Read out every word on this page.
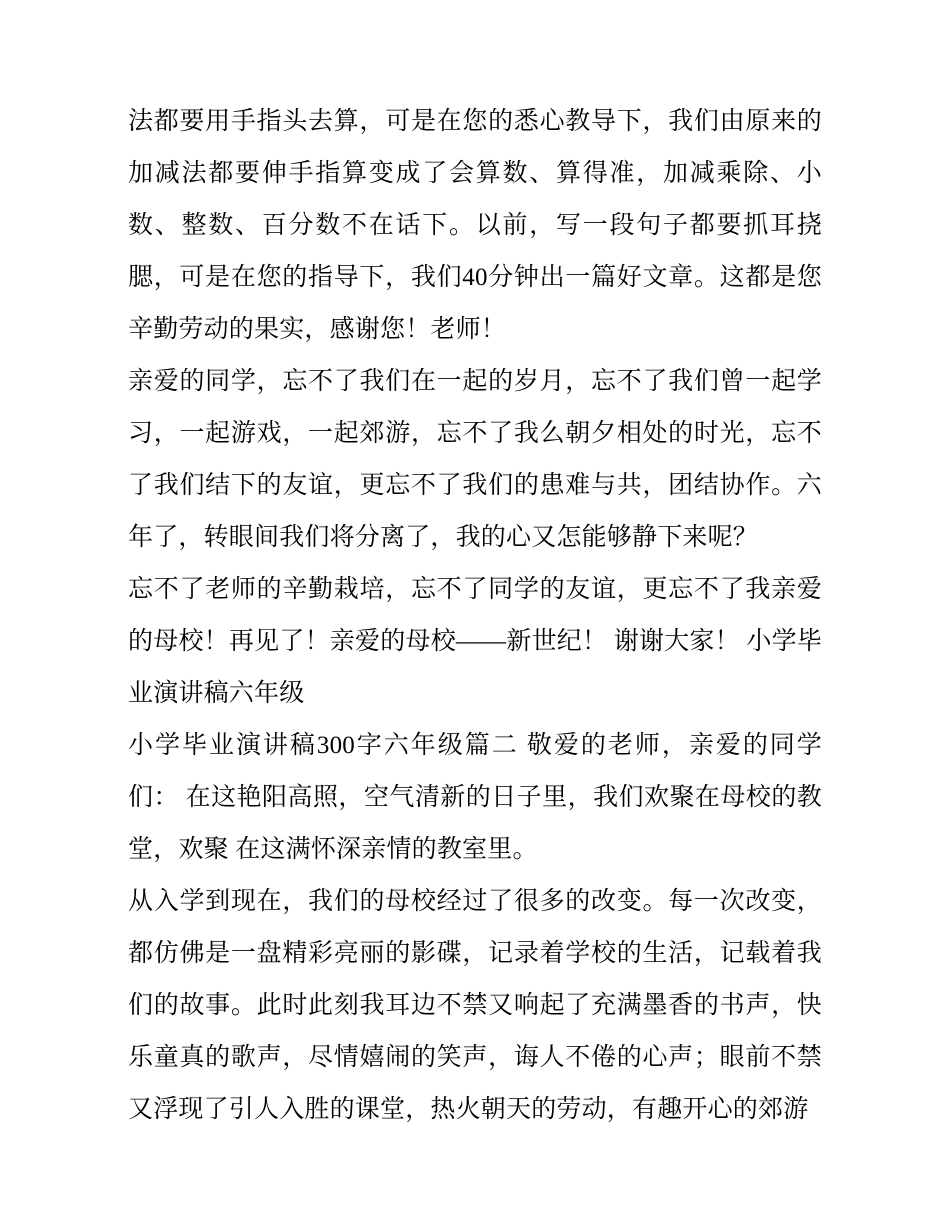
法都要用手指头去算，可是在您的悉心教导下，我们由原来的加减法都要伸手指算变成了会算数、算得准，加减乘除、小数、整数、百分数不在话下。以前，写一段句子都要抓耳挠腮，可是在您的指导下，我们40分钟出一篇好文章。这都是您辛勤劳动的果实，感谢您！老师！

亲爱的同学，忘不了我们在一起的岁月，忘不了我们曾一起学习，一起游戏，一起郊游，忘不了我么朝夕相处的时光，忘不了我们结下的友谊，更忘不了我们的患难与共，团结协作。六年了，转眼间我们将分离了，我的心又怎能够静下来呢？

忘不了老师的辛勤栽培，忘不了同学的友谊，更忘不了我亲爱的母校！再见了！亲爱的母校——新世纪！ 谢谢大家！ 小学毕业演讲稿六年级

小学毕业演讲稿300字六年级篇二 敬爱的老师，亲爱的同学们： 在这艳阳高照，空气清新的日子里，我们欢聚在母校的教堂，欢聚 在这满怀深亲情的教室里。

从入学到现在，我们的母校经过了很多的改变。每一次改变，都仿佛是一盘精彩亮丽的影碟，记录着学校的生活，记载着我们的故事。此时此刻我耳边不禁又响起了充满墨香的书声，快乐童真的歌声，尽情嬉闹的笑声，诲人不倦的心声；眼前不禁又浮现了引人入胜的课堂，热火朝天的劳动，有趣开心的郊游
